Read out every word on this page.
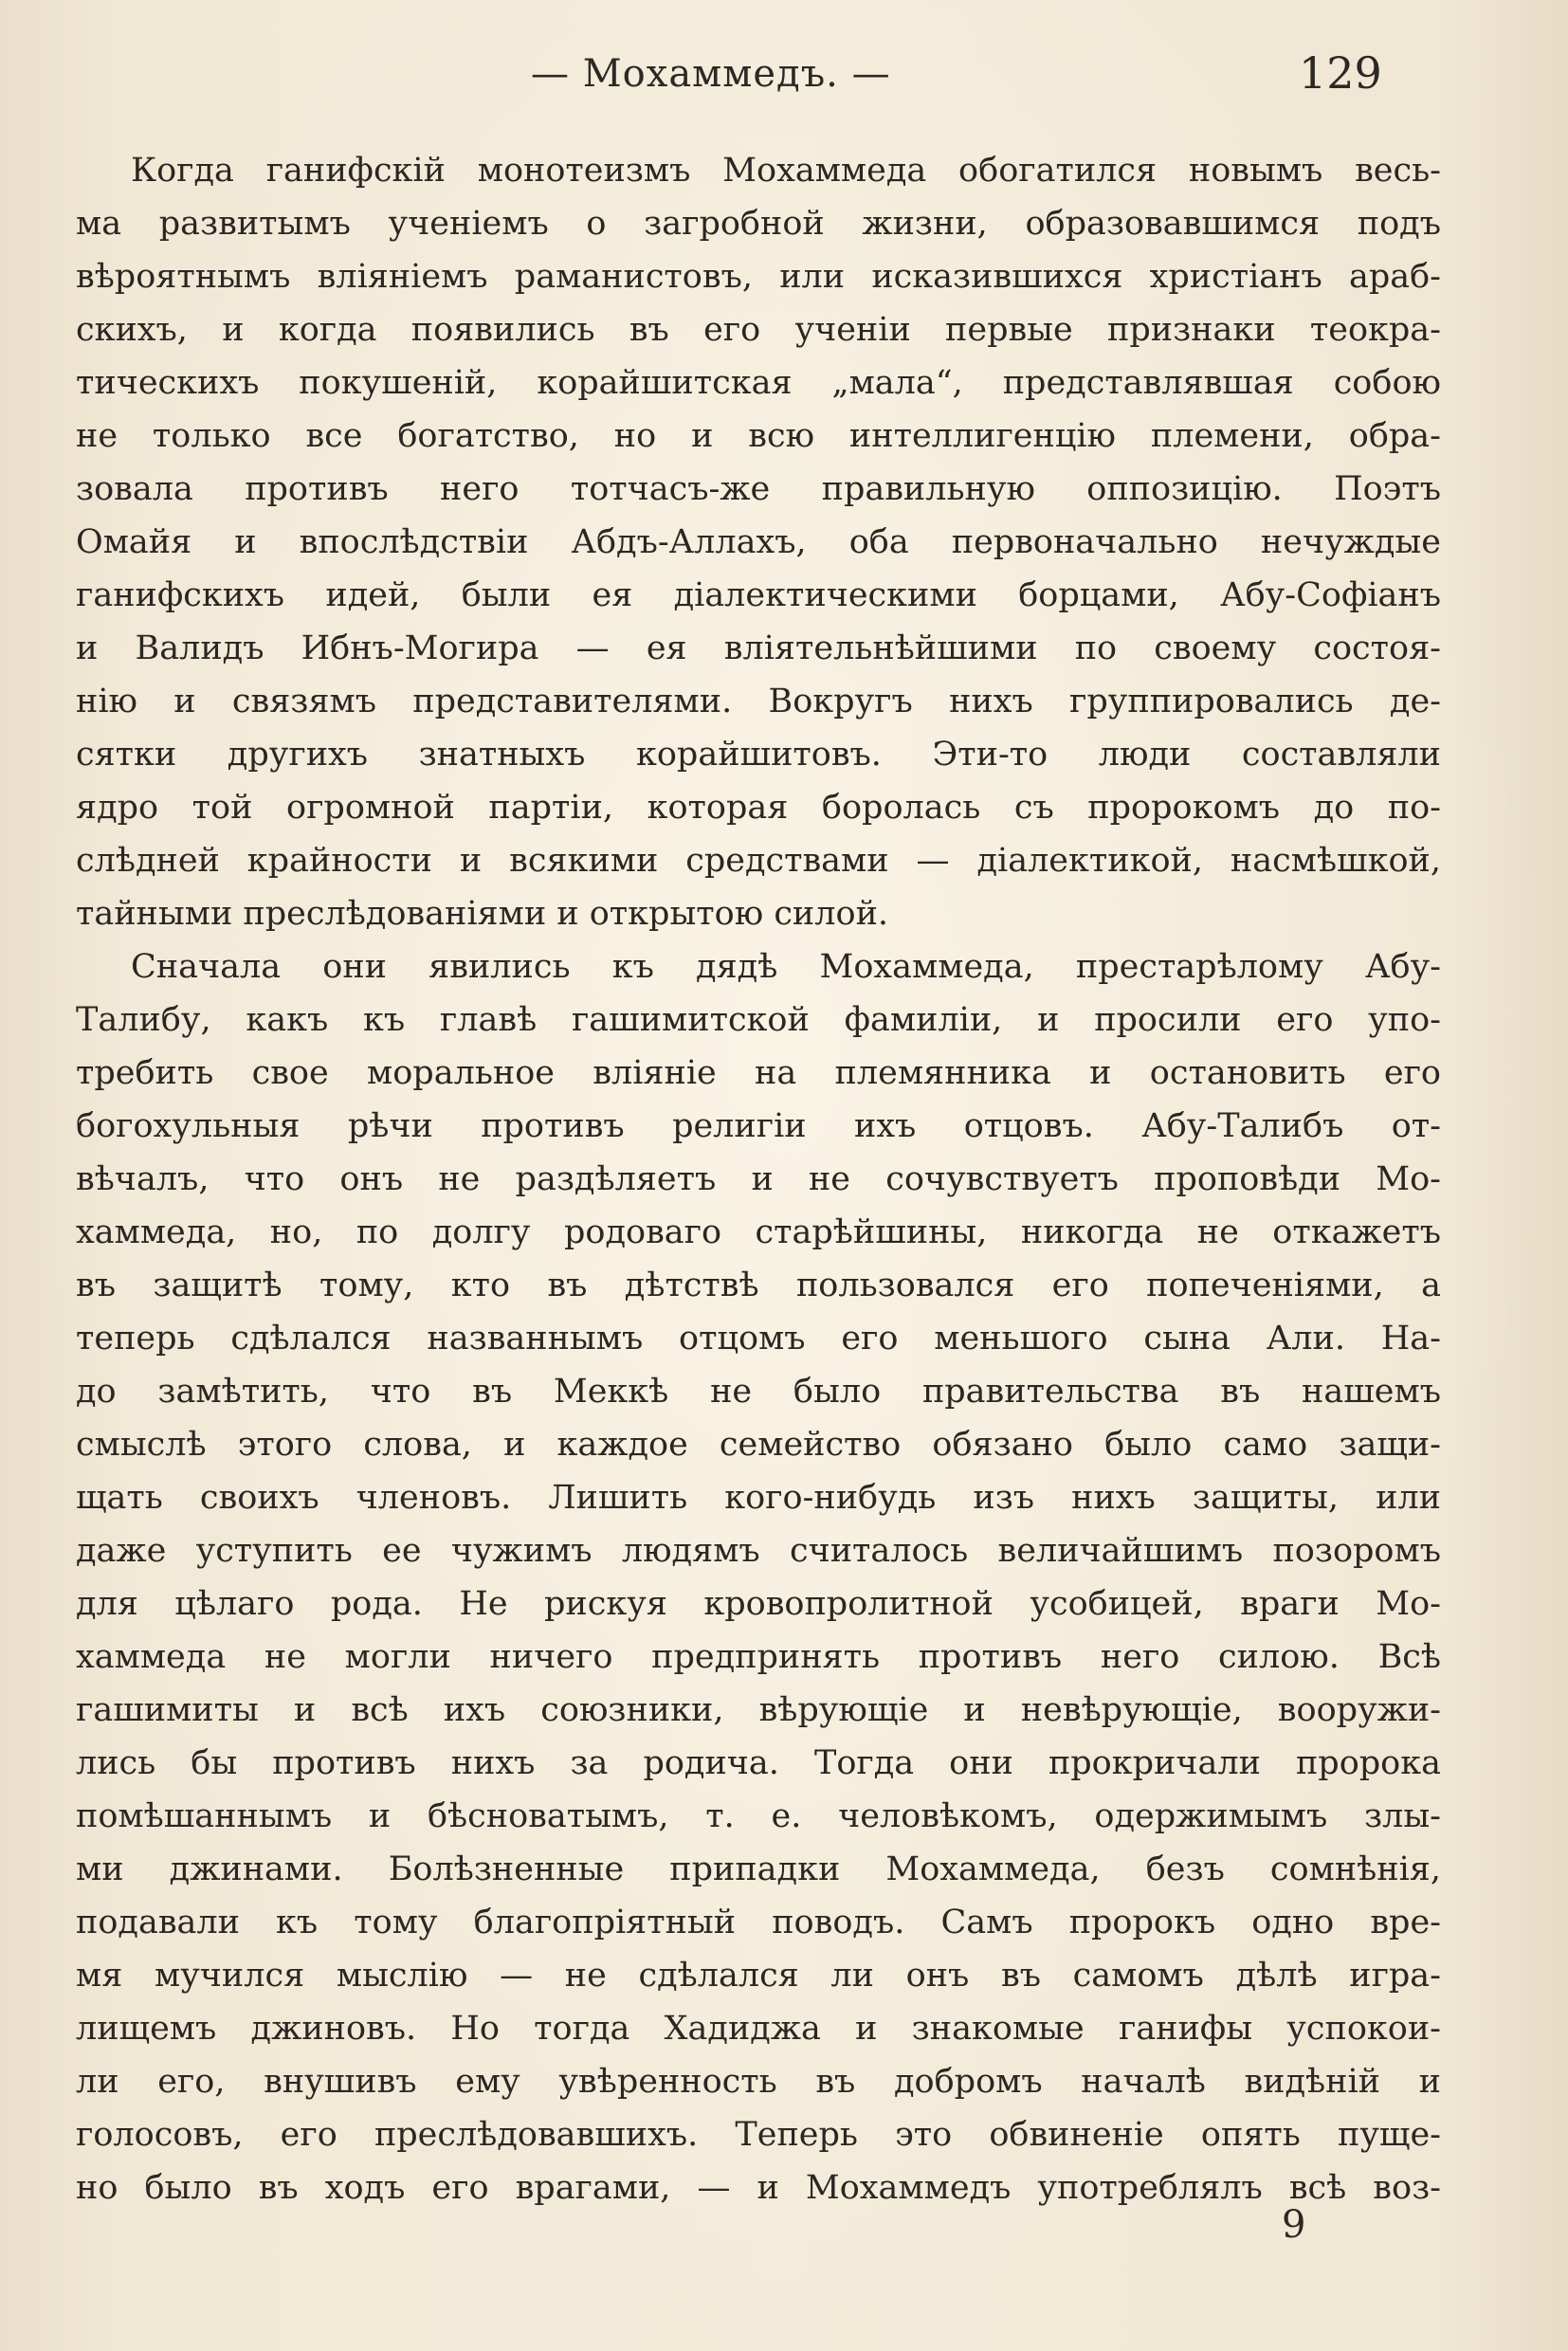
— Мохаммедъ. —	129
Когда ганифскій монотеизмъ Мохаммеда обогатился новымъ весь-
ма развитымъ ученіемъ о загробной жизни, образовавшимся подъ
вѣроятнымъ вліяніемъ раманистовъ, или исказившихся христіанъ араб-
скихъ, и когда появились въ его ученіи первые признаки теокра-
тическихъ покушеній, корайшитская „мала“, представлявшая собою
не только все богатство, но и всю интеллигенцію племени, обра-
зовала противъ него тотчасъ-же правильную оппозицію. Поэтъ
Омайя и впослѣдствіи Абдъ-Аллахъ, оба первоначально нечуждые
ганифскихъ идей, были ея діалектическими борцами, Абу-Софіанъ
и Валидъ Ибнъ-Могира — ея вліятельнѣйшими по своему состоя-
нію и связямъ представителями. Вокругъ нихъ группировались де-
сятки другихъ знатныхъ корайшитовъ. Эти-то люди составляли
ядро той огромной партіи, которая боролась съ пророкомъ до по-
слѣдней крайности и всякими средствами — діалектикой, насмѣшкой,
тайными преслѣдованіями и открытою силой.
Сначала они явились къ дядѣ Мохаммеда, престарѣлому Абу-
Талибу, какъ къ главѣ гашимитской фамиліи, и просили его упо-
требить свое моральное вліяніе на племянника и остановить его
богохульныя рѣчи противъ религіи ихъ отцовъ. Абу-Талибъ от-
вѣчалъ, что онъ не раздѣляетъ и не сочувствуетъ проповѣди Мо-
хаммеда, но, по долгу родоваго старѣйшины, никогда не откажетъ
въ защитѣ тому, кто въ дѣтствѣ пользовался его попеченіями, а
теперь сдѣлался названнымъ отцомъ его меньшого сына Али. На-
до замѣтить, что въ Меккѣ не было правительства въ нашемъ
смыслѣ этого слова, и каждое семейство обязано было само защи-
щать своихъ членовъ. Лишить кого-нибудь изъ нихъ защиты, или
даже уступить ее чужимъ людямъ считалось величайшимъ позоромъ
для цѣлаго рода. Не рискуя кровопролитной усобицей, враги Мо-
хаммеда не могли ничего предпринять противъ него силою. Всѣ
гашимиты и всѣ ихъ союзники, вѣрующіе и невѣрующіе, вооружи-
лись бы противъ нихъ за родича. Тогда они прокричали пророка
помѣшаннымъ и бѣсноватымъ, т. е. человѣкомъ, одержимымъ злы-
ми джинами. Болѣзненные припадки Мохаммеда, безъ сомнѣнія,
подавали къ тому благопріятный поводъ. Самъ пророкъ одно вре-
мя мучился мыслію — не сдѣлался ли онъ въ самомъ дѣлѣ игра-
лищемъ джиновъ. Но тогда Хадиджа и знакомые ганифы успокои-
ли его, внушивъ ему увѣренность въ добромъ началѣ видѣній и
голосовъ, его преслѣдовавшихъ. Теперь это обвиненіе опять пуще-
но было въ ходъ его врагами, — и Мохаммедъ употреблялъ всѣ воз-
9
